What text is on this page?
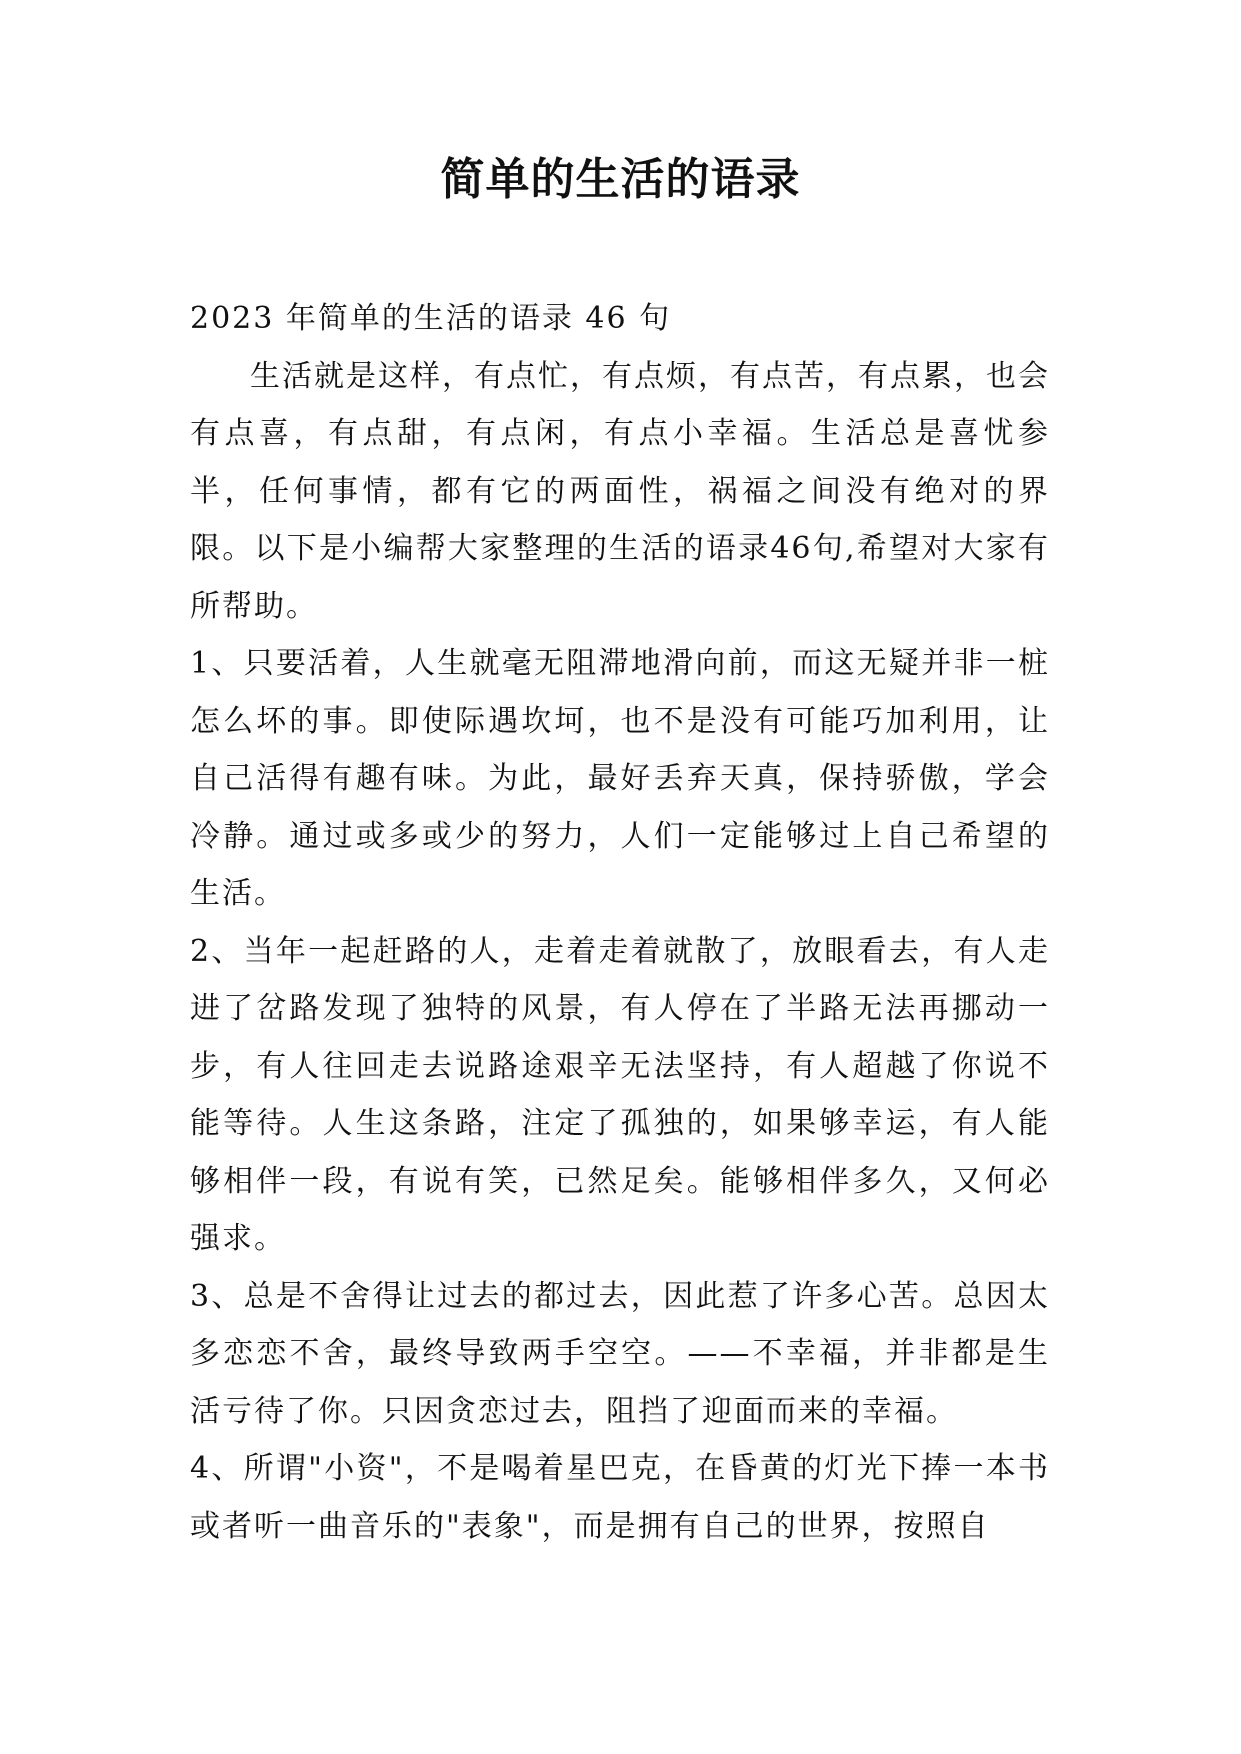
简单的生活的语录

2023 年简单的生活的语录 46 句

生活就是这样，有点忙，有点烦，有点苦，有点累，也会有点喜，有点甜，有点闲，有点小幸福。生活总是喜忧参半，任何事情，都有它的两面性，祸福之间没有绝对的界限。以下是小编帮大家整理的生活的语录46句,希望对大家有所帮助。

1、只要活着，人生就毫无阻滞地滑向前，而这无疑并非一桩怎么坏的事。即使际遇坎坷，也不是没有可能巧加利用，让自己活得有趣有味。为此，最好丢弃天真，保持骄傲，学会冷静。通过或多或少的努力，人们一定能够过上自己希望的生活。

2、当年一起赶路的人，走着走着就散了，放眼看去，有人走进了岔路发现了独特的风景，有人停在了半路无法再挪动一步，有人往回走去说路途艰辛无法坚持，有人超越了你说不能等待。人生这条路，注定了孤独的，如果够幸运，有人能够相伴一段，有说有笑，已然足矣。能够相伴多久，又何必强求。

3、总是不舍得让过去的都过去，因此惹了许多心苦。总因太多恋恋不舍，最终导致两手空空。——不幸福，并非都是生活亏待了你。只因贪恋过去，阻挡了迎面而来的幸福。

4、所谓"小资"，不是喝着星巴克，在昏黄的灯光下捧一本书或者听一曲音乐的"表象"，而是拥有自己的世界，按照自
